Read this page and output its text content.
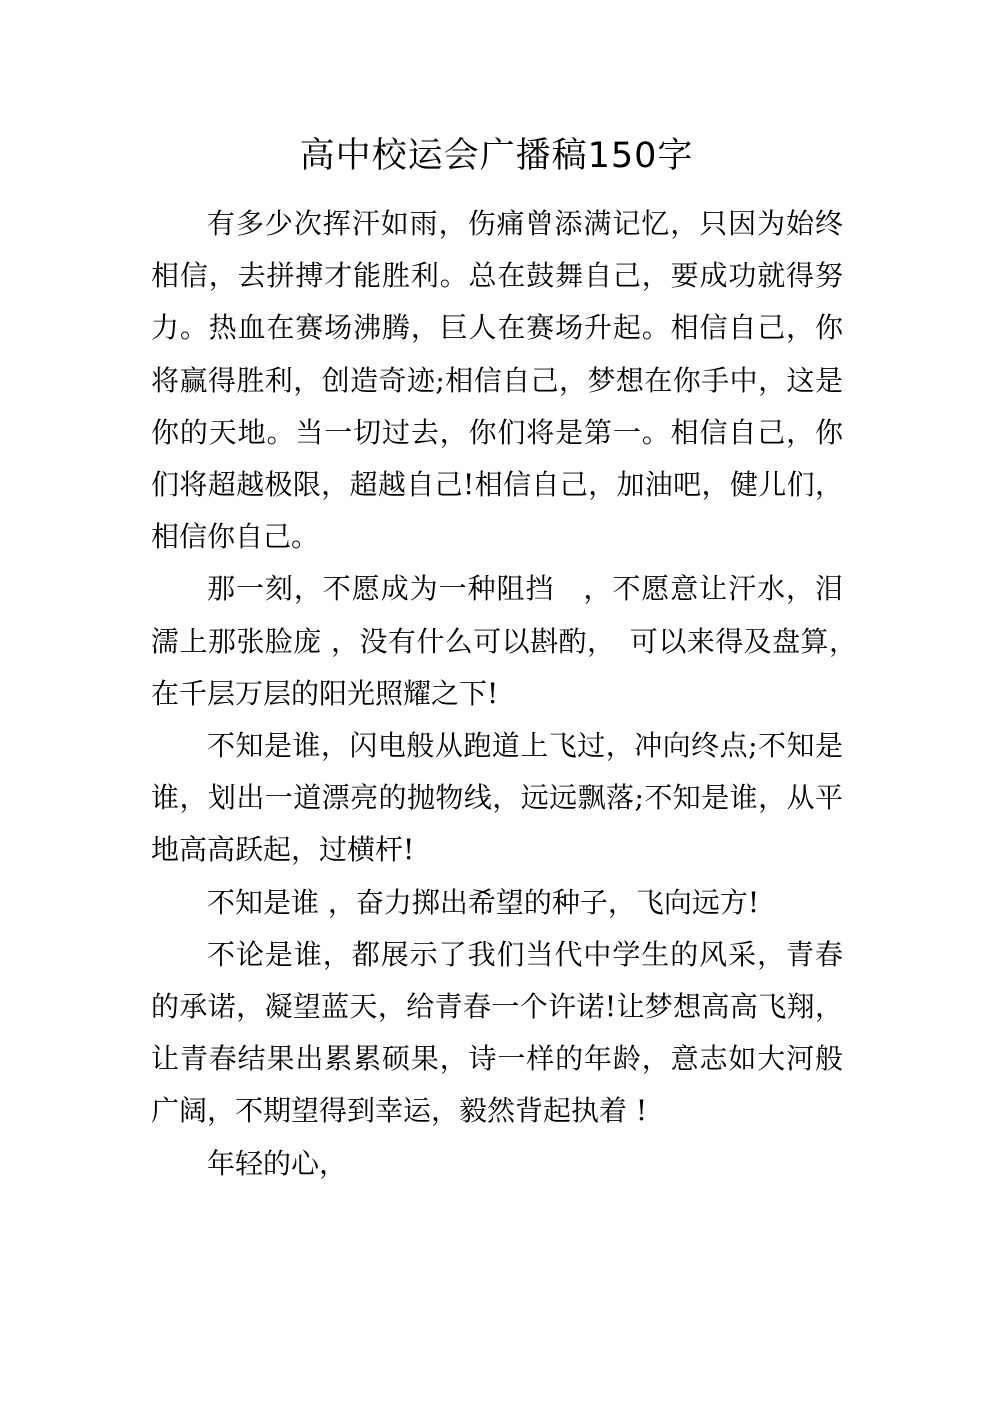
高中校运会广播稿150字

有多少次挥汗如雨，伤痛曾添满记忆，只因为始终相信，去拼搏才能胜利。总在鼓舞自己，要成功就得努力。热血在赛场沸腾，巨人在赛场升起。相信自己，你将赢得胜利，创造奇迹;相信自己，梦想在你手中，这是你的天地。当一切过去，你们将是第一。相信自己，你们将超越极限，超越自己!相信自己，加油吧，健儿们，相信你自己。

那一刻，不愿成为一种阻挡　，不愿意让汗水，泪濡上那张脸庞 ，没有什么可以斟酌，　可以来得及盘算，　在千层万层的阳光照耀之下!

不知是谁，闪电般从跑道上飞过，冲向终点;不知是谁，划出一道漂亮的抛物线，远远飘落;不知是谁，从平地高高跃起，过横杆!

不知是谁 ，奋力掷出希望的种子，飞向远方!

不论是谁，都展示了我们当代中学生的风采，青春的承诺，凝望蓝天，给青春一个许诺!让梦想高高飞翔，让青春结果出累累硕果，诗一样的年龄，意志如大河般广阔，不期望得到幸运，毅然背起执着 !

年轻的心，
